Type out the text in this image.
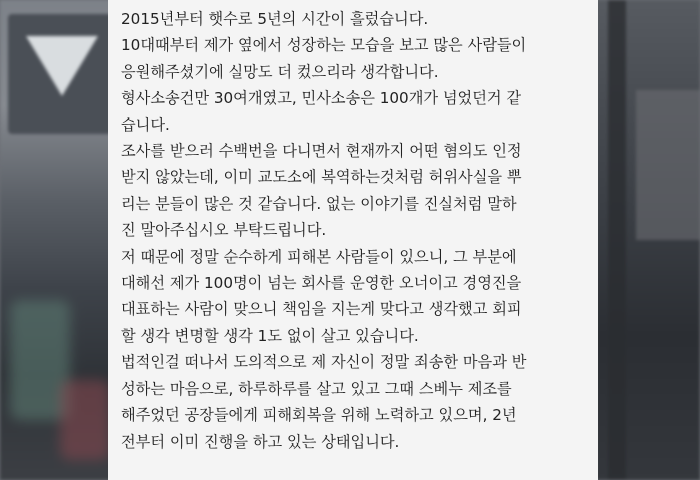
2015년부터 햇수로 5년의 시간이 흘렀습니다.

10대때부터 제가 옆에서 성장하는 모습을 보고 많은 사람들이

응원해주셨기에 실망도 더 컸으리라 생각합니다.

형사소송건만 30여개였고, 민사소송은 100개가 넘었던거 같

습니다.

조사를 받으러 수백번을 다니면서 현재까지 어떤 혐의도 인정

받지 않았는데, 이미 교도소에 복역하는것처럼 허위사실을 뿌

리는 분들이 많은 것 같습니다. 없는 이야기를 진실처럼 말하

진 말아주십시오 부탁드립니다.

저 때문에 정말 순수하게 피해본 사람들이 있으니, 그 부분에

대해선 제가 100명이 넘는 회사를 운영한 오너이고 경영진을

대표하는 사람이 맞으니 책임을 지는게 맞다고 생각했고 회피

할 생각 변명할 생각 1도 없이 살고 있습니다.

법적인걸 떠나서 도의적으로 제 자신이 정말 죄송한 마음과 반

성하는 마음으로, 하루하루를 살고 있고 그때 스베누 제조를

해주었던 공장들에게 피해회복을 위해 노력하고 있으며, 2년

전부터 이미 진행을 하고 있는 상태입니다.
